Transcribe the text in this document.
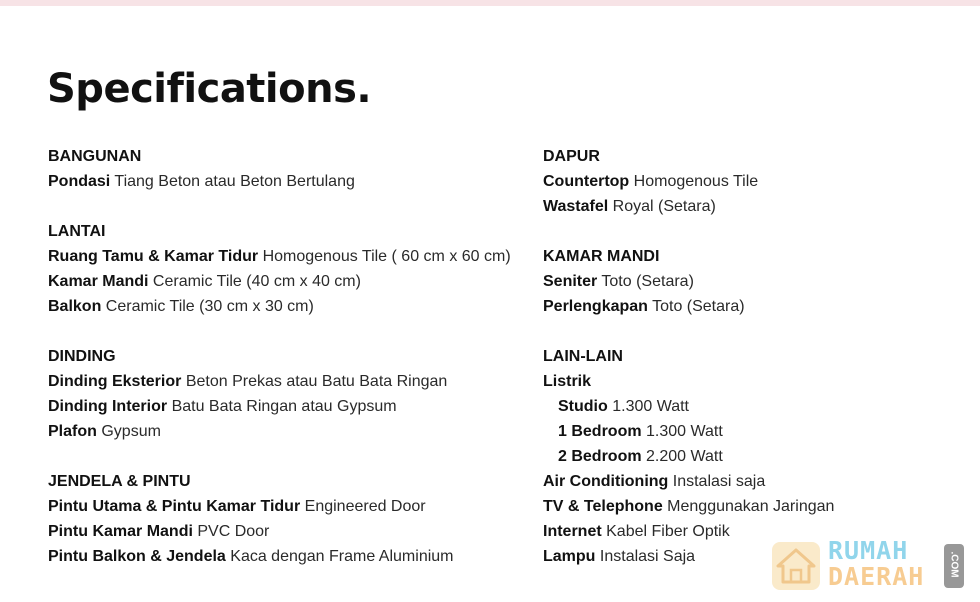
Specifications.
BANGUNAN
Pondasi Tiang Beton atau Beton Bertulang
LANTAI
Ruang Tamu & Kamar Tidur Homogenous Tile ( 60 cm x 60 cm)
Kamar Mandi Ceramic Tile (40 cm x 40 cm)
Balkon Ceramic Tile (30 cm x 30 cm)
DINDING
Dinding Eksterior Beton Prekas atau Batu Bata Ringan
Dinding Interior Batu Bata Ringan atau Gypsum
Plafon Gypsum
JENDELA & PINTU
Pintu Utama & Pintu Kamar Tidur Engineered Door
Pintu Kamar Mandi PVC Door
Pintu Balkon & Jendela Kaca dengan Frame Aluminium
DAPUR
Countertop Homogenous Tile
Wastafel Royal (Setara)
KAMAR MANDI
Seniter Toto (Setara)
Perlengkapan Toto (Setara)
LAIN-LAIN
Listrik
Studio 1.300 Watt
1 Bedroom 1.300 Watt
2 Bedroom 2.200 Watt
Air Conditioning Instalasi saja
TV & Telephone Menggunakan Jaringan
Internet Kabel Fiber Optik
Lampu Instalasi Saja	RUMAH
DAERAH .COM
